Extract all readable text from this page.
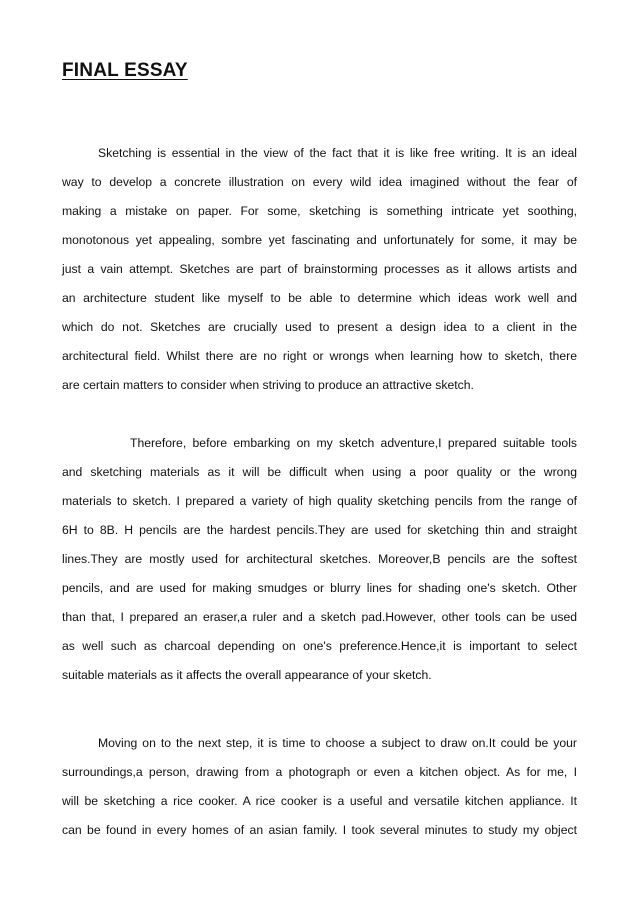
FINAL ESSAY
Sketching is essential in the view of the fact that it is like free writing. It is an ideal
way to develop a concrete illustration on every wild idea imagined without the fear of
making a mistake on paper. For some, sketching is something intricate yet soothing,
monotonous yet appealing, sombre yet fascinating and unfortunately for some, it may be
just a vain attempt. Sketches are part of brainstorming processes as it allows artists and
an architecture student like myself to be able to determine which ideas work well and
which do not. Sketches are crucially used to present a design idea to a client in the
architectural field. Whilst there are no right or wrongs when learning how to sketch, there
are certain matters to consider when striving to produce an attractive sketch.
Therefore, before embarking on my sketch adventure,I prepared suitable tools
and sketching materials as it will be difficult when using a poor quality or the wrong
materials to sketch. I prepared a variety of high quality sketching pencils from the range of
6H to 8B. H pencils are the hardest pencils.They are used for sketching thin and straight
lines.They are mostly used for architectural sketches. Moreover,B pencils are the softest
pencils, and are used for making smudges or blurry lines for shading one's sketch. Other
than that, I prepared an eraser,a ruler and a sketch pad.However, other tools can be used
as well such as charcoal depending on one's preference.Hence,it is important to select
suitable materials as it affects the overall appearance of your sketch.
Moving on to the next step, it is time to choose a subject to draw on.It could be your
surroundings,a person, drawing from a photograph or even a kitchen object. As for me, I
will be sketching a rice cooker. A rice cooker is a useful and versatile kitchen appliance. It
can be found in every homes of an asian family. I took several minutes to study my object
